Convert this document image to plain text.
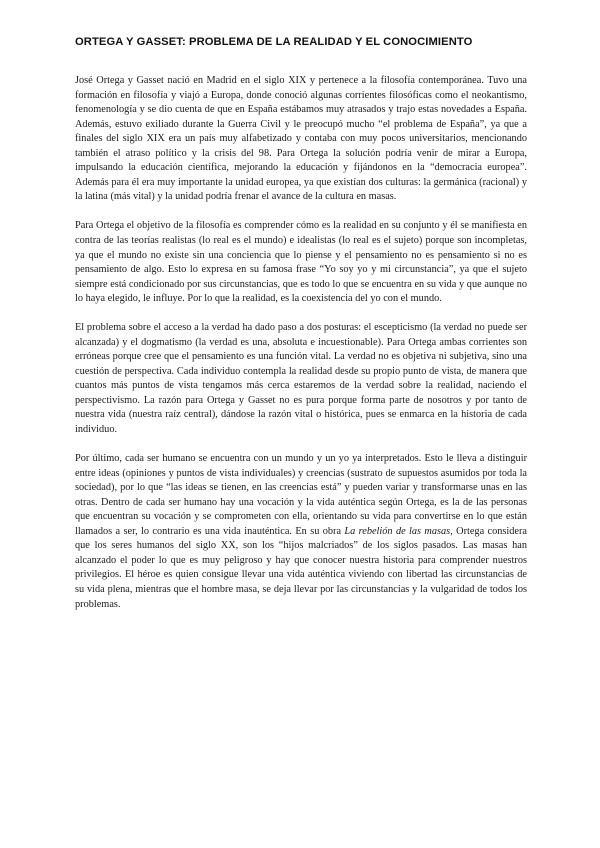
ORTEGA Y GASSET: PROBLEMA DE LA REALIDAD Y EL CONOCIMIENTO

José Ortega y Gasset nació en Madrid en el siglo XIX y pertenece a la filosofía contemporánea. Tuvo una formación en filosofía y viajó a Europa, donde conoció algunas corrientes filosóficas como el neokantismo, fenomenología y se dio cuenta de que en España estábamos muy atrasados y trajo estas novedades a España. Además, estuvo exiliado durante la Guerra Civil y le preocupó mucho “el problema de España”, ya que a finales del siglo XIX era un país muy alfabetizado y contaba con muy pocos universitarios, mencionando también el atraso político y la crisis del 98. Para Ortega la solución podría venir de mirar a Europa, impulsando la educación científica, mejorando la educación y fijándonos en la “democracia europea”. Además para él era muy importante la unidad europea, ya que existían dos culturas: la germánica (racional) y la latina (más vital) y la unidad podría frenar el avance de la cultura en masas.

Para Ortega el objetivo de la filosofía es comprender cómo es la realidad en su conjunto y él se manifiesta en contra de las teorías realistas (lo real es el mundo) e idealistas (lo real es el sujeto) porque son incompletas, ya que el mundo no existe sin una conciencia que lo piense y el pensamiento no es pensamiento si no es pensamiento de algo. Esto lo expresa en su famosa frase “Yo soy yo y mi circunstancia”, ya que el sujeto siempre está condicionado por sus circunstancias, que es todo lo que se encuentra en su vida y que aunque no lo haya elegido, le influye. Por lo que la realidad, es la coexistencia del yo con el mundo.

El problema sobre el acceso a la verdad ha dado paso a dos posturas: el escepticismo (la verdad no puede ser alcanzada) y el dogmatismo (la verdad es una, absoluta e incuestionable). Para Ortega ambas corrientes son erróneas porque cree que el pensamiento es una función vital. La verdad no es objetiva ni subjetiva, sino una cuestión de perspectiva. Cada individuo contempla la realidad desde su propio punto de vista, de manera que cuantos más puntos de vista tengamos más cerca estaremos de la verdad sobre la realidad, naciendo el perspectivismo. La razón para Ortega y Gasset no es pura porque forma parte de nosotros y por tanto de nuestra vida (nuestra raíz central), dándose la razón vital o histórica, pues se enmarca en la historia de cada individuo.

Por último, cada ser humano se encuentra con un mundo y un yo ya interpretados. Esto le lleva a distinguir entre ideas (opiniones y puntos de vista individuales) y creencias (sustrato de supuestos asumidos por toda la sociedad), por lo que “las ideas se tienen, en las creencias está” y pueden variar y transformarse unas en las otras. Dentro de cada ser humano hay una vocación y la vida auténtica según Ortega, es la de las personas que encuentran su vocación y se comprometen con ella, orientando su vida para convertirse en lo que están llamados a ser, lo contrario es una vida inauténtica. En su obra La rebelión de las masas, Ortega considera que los seres humanos del siglo XX, son los “hijos malcriados” de los siglos pasados. Las masas han alcanzado el poder lo que es muy peligroso y hay que conocer nuestra historia para comprender nuestros privilegios. El héroe es quien consigue llevar una vida auténtica viviendo con libertad las circunstancias de su vida plena, mientras que el hombre masa, se deja llevar por las circunstancias y la vulgaridad de todos los problemas.
